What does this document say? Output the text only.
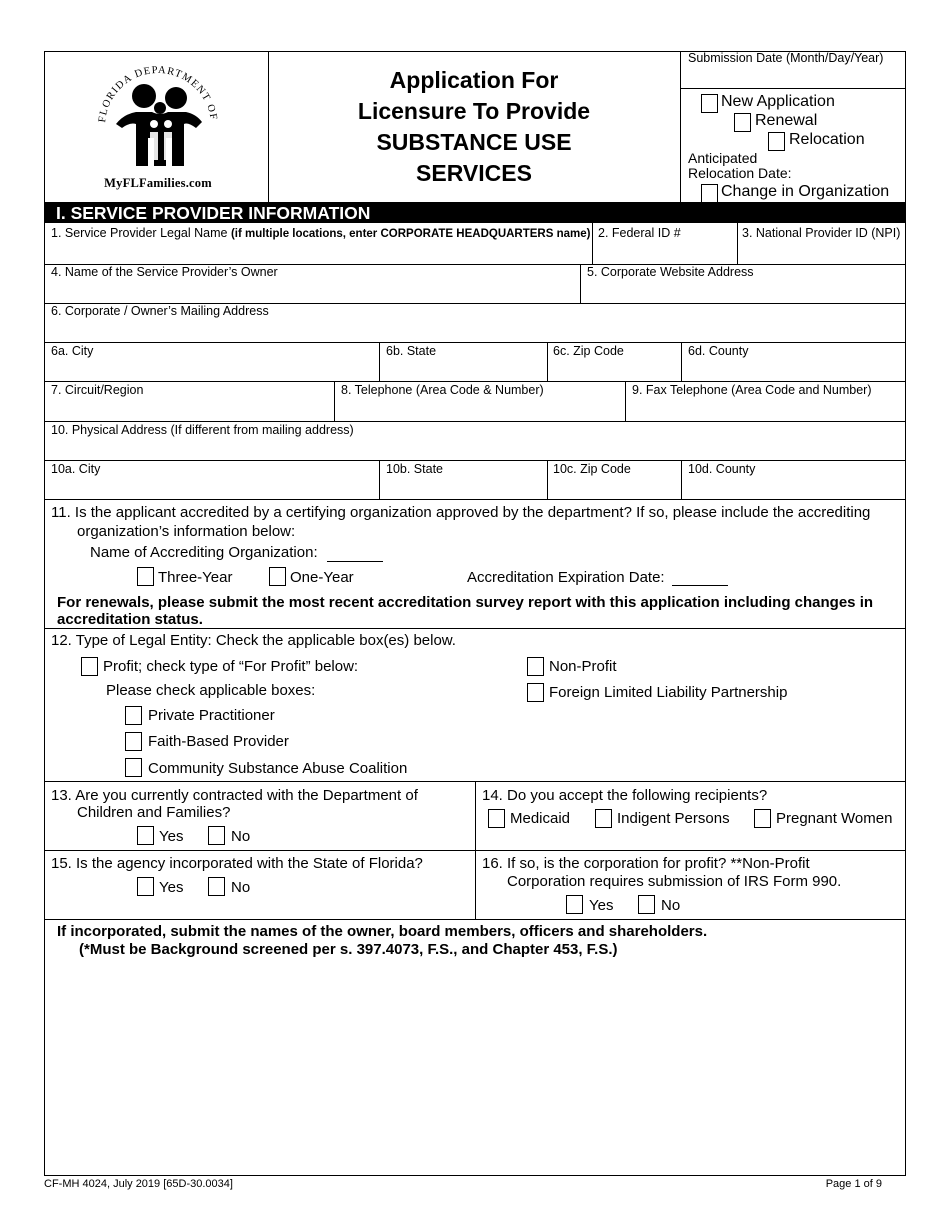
FLORIDA DEPARTMENT OF
MyFLFamilies.com
Application For
Licensure To Provide
SUBSTANCE USE
SERVICES
Submission Date (Month/Day/Year)
New Application
Renewal
Relocation
Anticipated
Relocation Date:
Change in Organization
I. SERVICE PROVIDER INFORMATION
1. Service Provider Legal Name (if multiple locations, enter CORPORATE HEADQUARTERS name) 2. Federal ID #	3. National Provider ID (NPI)
4. Name of the Service Provider’s Owner	5. Corporate Website Address
6. Corporate / Owner’s Mailing Address
6a. City	6b. State	6c. Zip Code	6d. County
7. Circuit/Region	8. Telephone (Area Code & Number)	9. Fax Telephone (Area Code and Number)
10. Physical Address (If different from mailing address)
10a. City	10b. State	10c. Zip Code	10d. County
11. Is the applicant accredited by a certifying organization approved by the department? If so, please include the accrediting
organization’s information below:
Name of Accrediting Organization:
Three-Year	One-Year	Accreditation Expiration Date:
For renewals, please submit the most recent accreditation survey report with this application including changes in
accreditation status.
12. Type of Legal Entity: Check the applicable box(es) below.
Profit; check type of “For Profit” below:
Please check applicable boxes:
Private Practitioner
Faith-Based Provider
Community Substance Abuse Coalition
Non-Profit
Foreign Limited Liability Partnership
13. Are you currently contracted with the Department of
Children and Families?
Yes	No
14. Do you accept the following recipients?
Medicaid	Indigent Persons	Pregnant Women
15. Is the agency incorporated with the State of Florida?
Yes	No
16. If so, is the corporation for profit? **Non-Profit
Corporation requires submission of IRS Form 990.
Yes	No
If incorporated, submit the names of the owner, board members, officers and shareholders.
(*Must be Background screened per s. 397.4073, F.S., and Chapter 453, F.S.)
CF-MH 4024, July 2019 [65D-30.0034]	Page 1 of 9
